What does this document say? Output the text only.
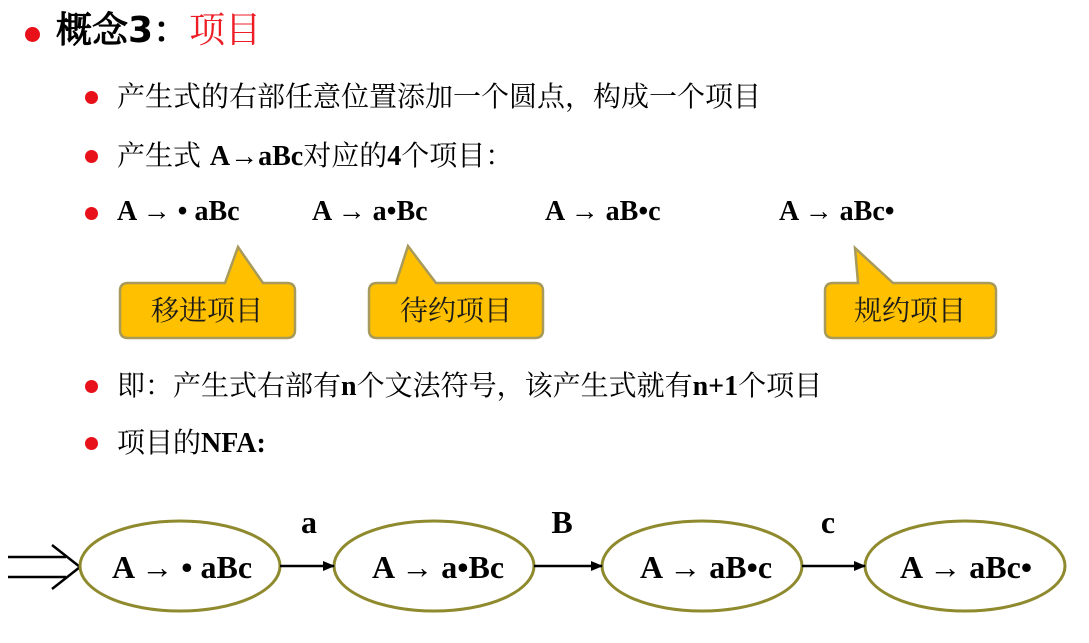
概念3：项目
产生式的右部任意位置添加一个圆点，构成一个项目
产生式 A→aBc对应的4个项目：
A → • aBc	A → a•Bc	A → aB•c	A → aBc•
移进项目	待约项目	规约项目
即：产生式右部有n个文法符号，该产生式就有n+1个项目
项目的NFA:
A → • aBc	A → a•Bc	A → aB•c	A → aBc•
a	B	c
